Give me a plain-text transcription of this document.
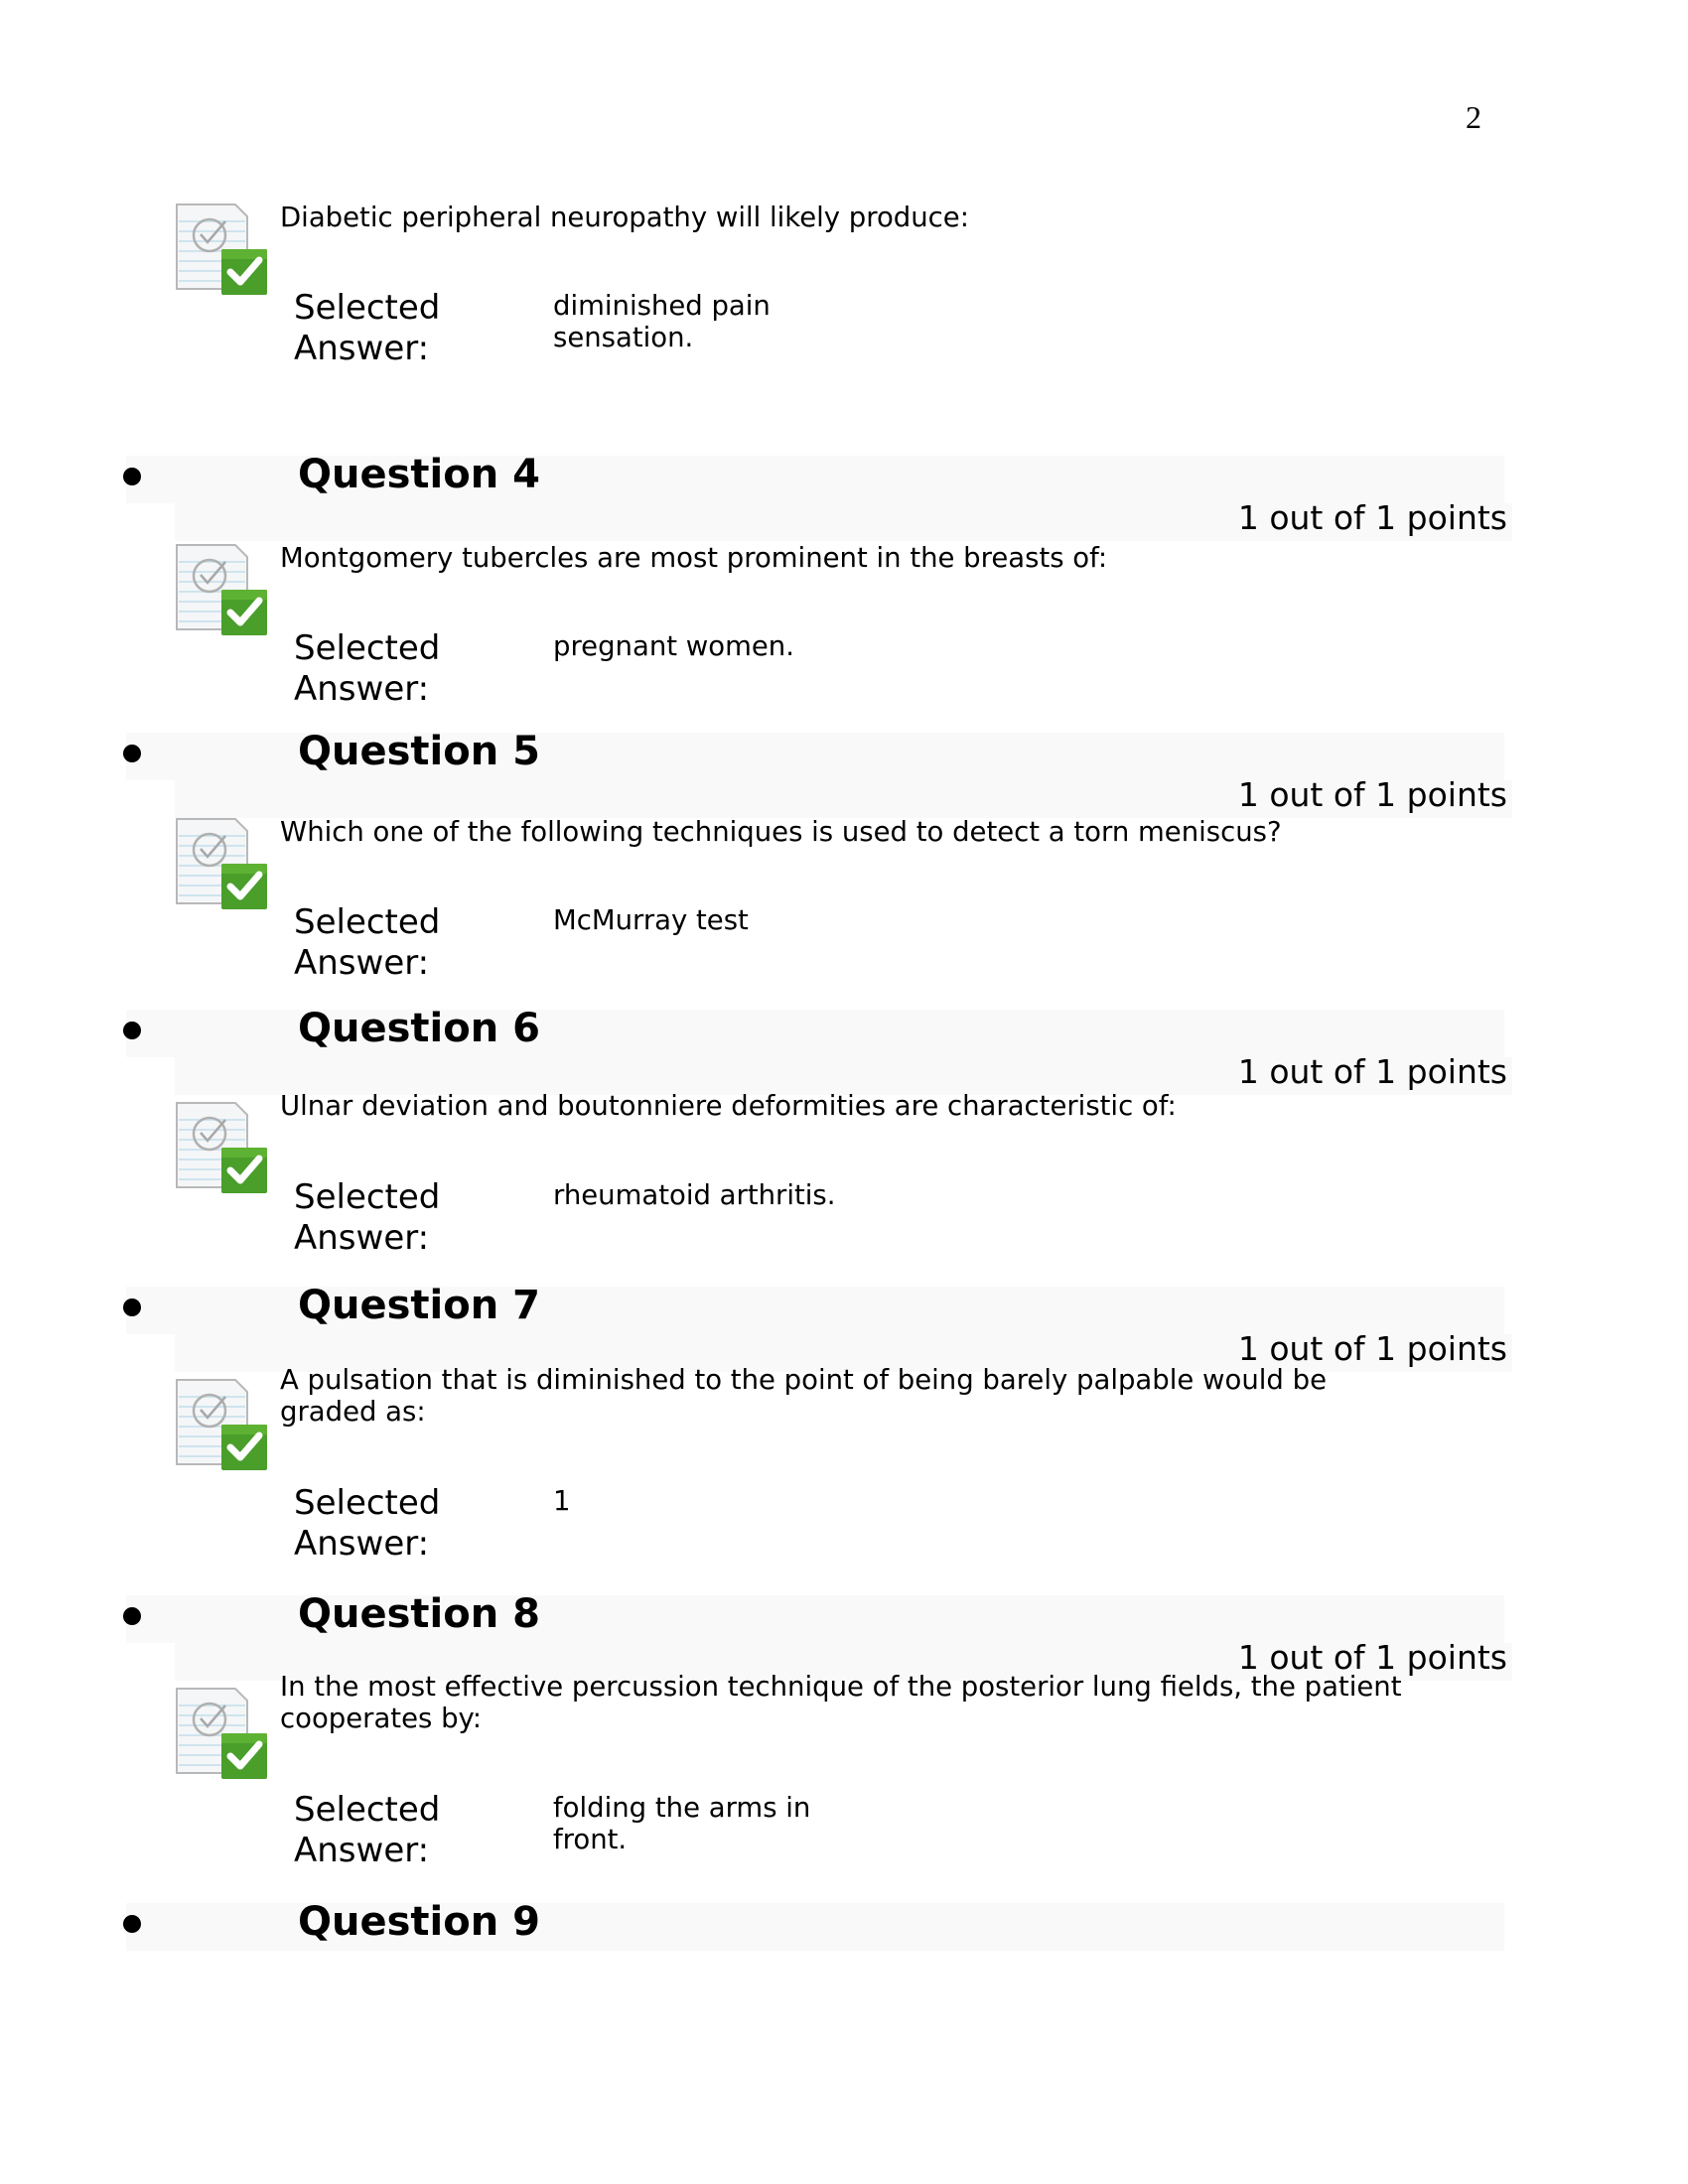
2
Diabetic peripheral neuropathy will likely produce:
Selected Answer:
diminished pain sensation.
Question 4
1 out of 1 points
Montgomery tubercles are most prominent in the breasts of:
Selected Answer:
pregnant women.
Question 5
1 out of 1 points
Which one of the following techniques is used to detect a torn meniscus?
Selected Answer:
McMurray test
Question 6
1 out of 1 points
Ulnar deviation and boutonniere deformities are characteristic of:
Selected Answer:
rheumatoid arthritis.
Question 7
1 out of 1 points
A pulsation that is diminished to the point of being barely palpable would be graded as:
Selected Answer:
1
Question 8
1 out of 1 points
In the most effective percussion technique of the posterior lung fields, the patient cooperates by:
Selected Answer:
folding the arms in front.
Question 9
